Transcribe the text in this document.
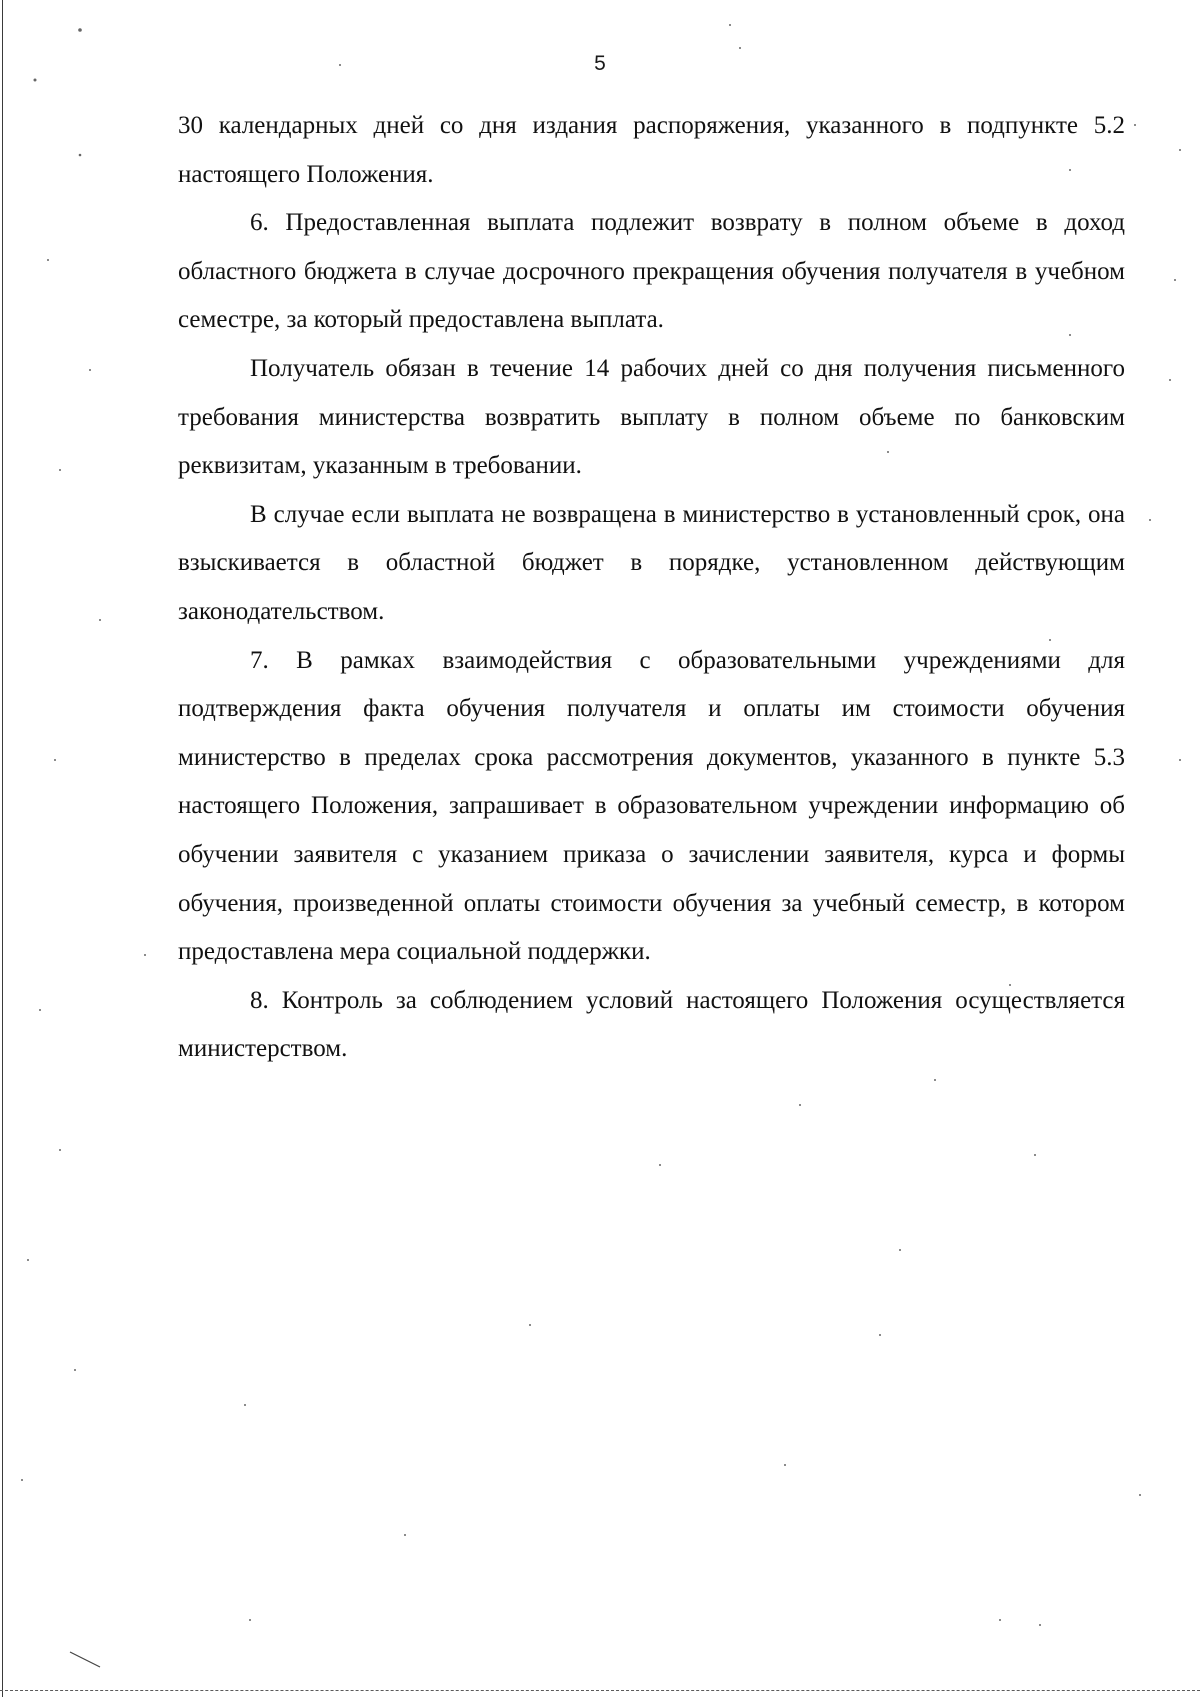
5

30 календарных дней со дня издания распоряжения, указанного в подпункте 5.2 настоящего Положения.

6. Предоставленная выплата подлежит возврату в полном объеме в доход областного бюджета в случае досрочного прекращения обучения получателя в учебном семестре, за который предоставлена выплата.

Получатель обязан в течение 14 рабочих дней со дня получения письменного требования министерства возвратить выплату в полном объеме по банковским реквизитам, указанным в требовании.

В случае если выплата не возвращена в министерство в установленный срок, она взыскивается в областной бюджет в порядке, установленном действующим законодательством.

7. В рамках взаимодействия с образовательными учреждениями для подтверждения факта обучения получателя и оплаты им стоимости обучения министерство в пределах срока рассмотрения документов, указанного в пункте 5.3 настоящего Положения, запрашивает в образовательном учреждении информацию об обучении заявителя с указанием приказа о зачислении заявителя, курса и формы обучения, произведенной оплаты стоимости обучения за учебный семестр, в котором предоставлена мера социальной поддержки.

8. Контроль за соблюдением условий настоящего Положения осуществляется министерством.
